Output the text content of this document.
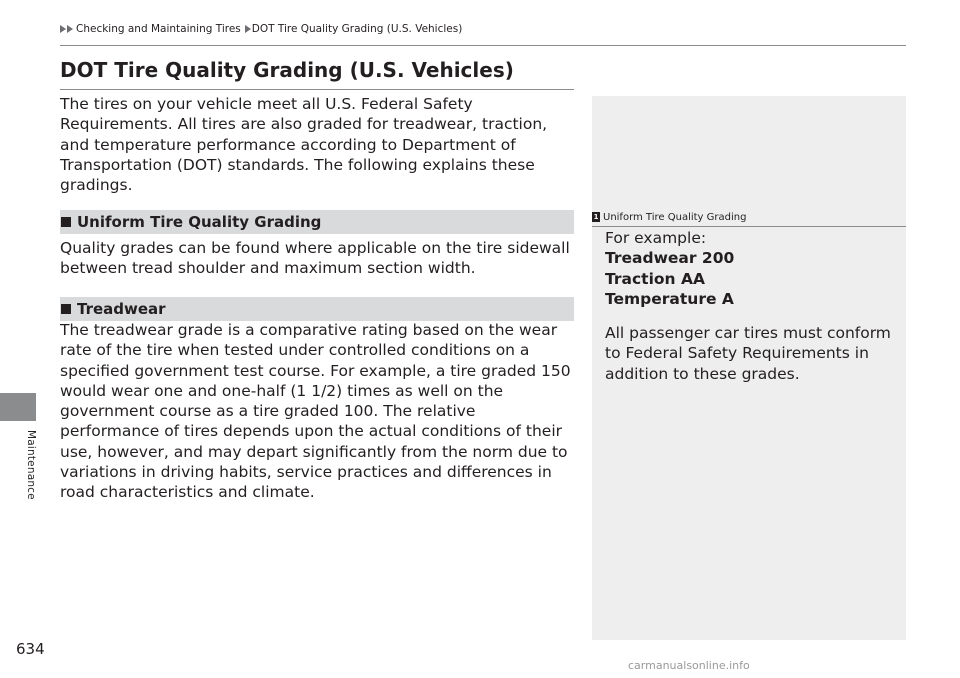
Checking and Maintaining Tires DOT Tire Quality Grading (U.S. Vehicles)
Maintenance
DOT Tire Quality Grading (U.S. Vehicles)

The tires on your vehicle meet all U.S. Federal Safety Requirements. All tires are also graded for treadwear, traction, and temperature performance according to Department of Transportation (DOT) standards. The following explains these gradings.

Uniform Tire Quality Grading

Quality grades can be found where applicable on the tire sidewall between tread shoulder and maximum section width.

Treadwear

The treadwear grade is a comparative rating based on the wear rate of the tire when tested under controlled conditions on a specified government test course. For example, a tire graded 150 would wear one and one-half (1 1/2) times as well on the government course as a tire graded 100. The relative performance of tires depends upon the actual conditions of their use, however, and may depart significantly from the norm due to variations in driving habits, service practices and differences in road characteristics and climate.

1 Uniform Tire Quality Grading
For example:
Treadwear 200
Traction AA
Temperature A
All passenger car tires must conform to Federal Safety Requirements in addition to these grades.
634
carmanualsonline.info
